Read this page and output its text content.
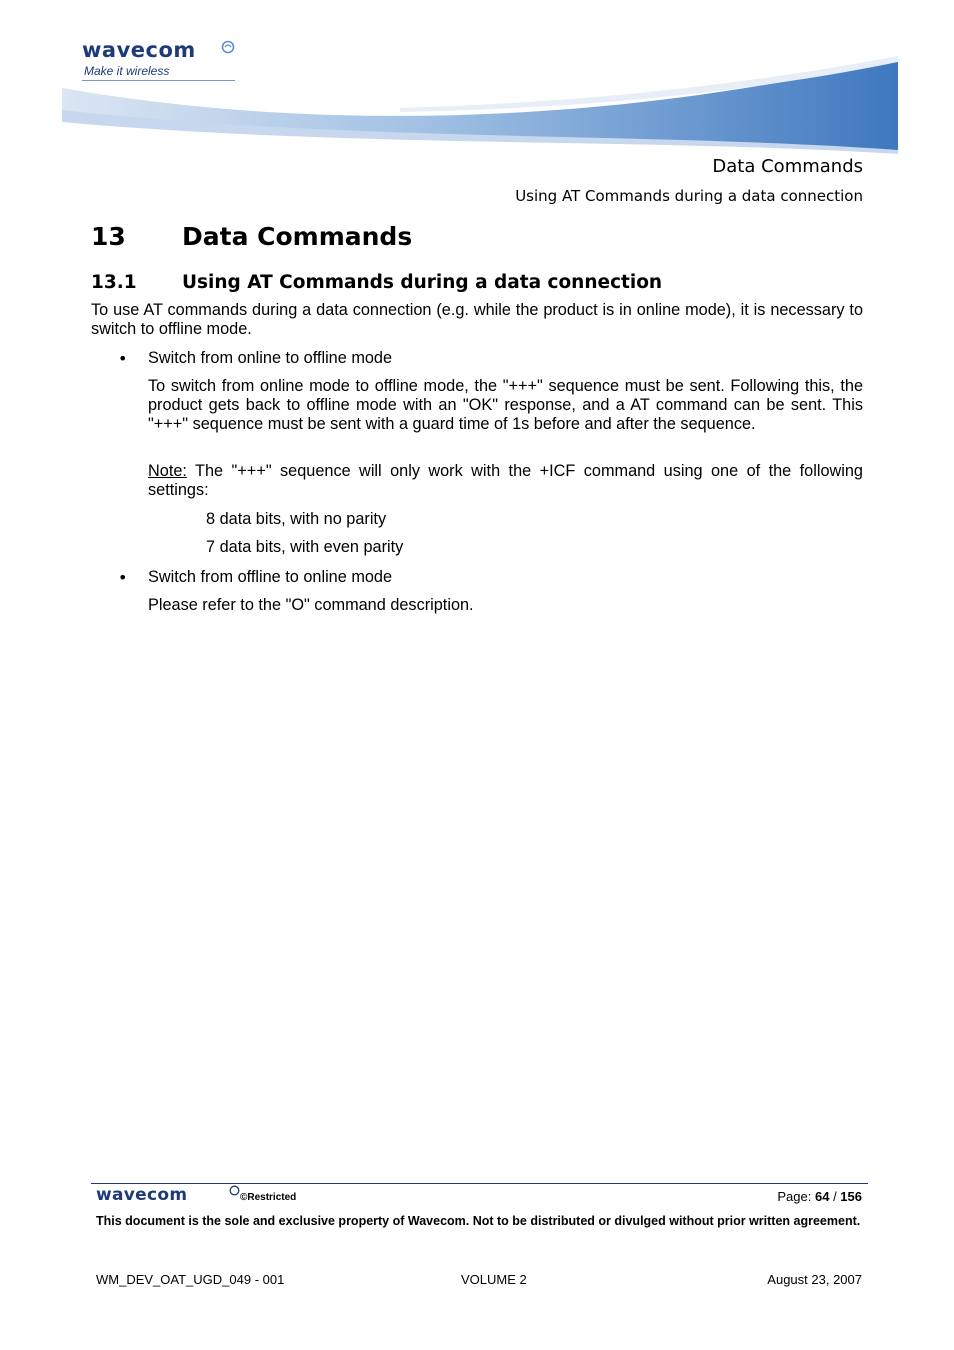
wavecom
Make it wireless
Data Commands
Using AT Commands during a data connection
13 Data Commands
13.1 Using AT Commands during a data connection

To use AT commands during a data connection (e.g. while the product is in online mode), it is necessary to switch to offline mode.

• Switch from online to offline mode

To switch from online mode to offline mode, the "+++" sequence must be sent. Following this, the product gets back to offline mode with an "OK" response, and a AT command can be sent. This "+++" sequence must be sent with a guard time of 1s before and after the sequence.

Note: The "+++" sequence will only work with the +ICF command using one of the following settings:

8 data bits, with no parity

7 data bits, with even parity

• Switch from offline to online mode

Please refer to the "O" command description.

wavecom	©Restricted	Page: 64 / 156

This document is the sole and exclusive property of Wavecom. Not to be distributed or divulged without prior written agreement.

WM_DEV_OAT_UGD_049 - 001	VOLUME 2	August 23, 2007
